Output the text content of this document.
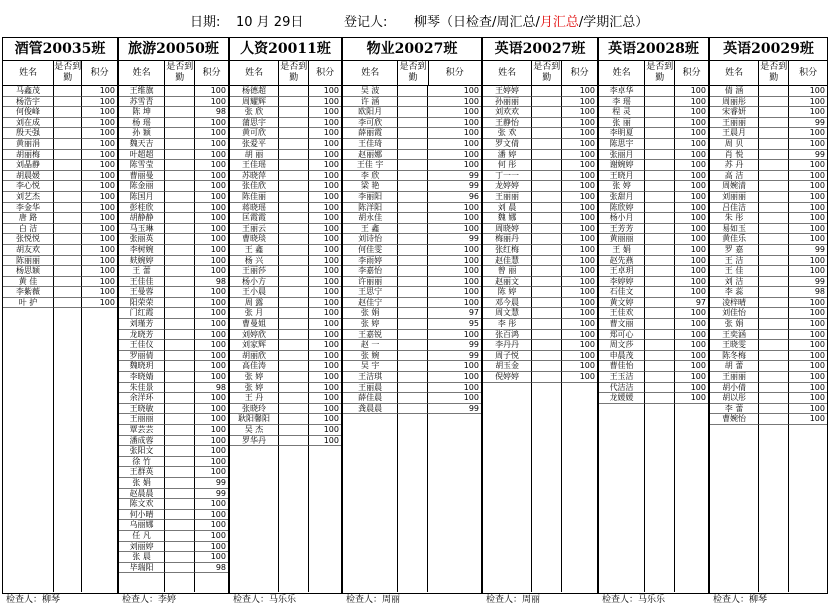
日期: 10 月 29日	登记人: 柳琴（日检查/周汇总/月汇总/学期汇总）
酒管20035班
姓名
是否到勤
积分
马鑫茂	100
杨浩宇	100
何俊峰	100
刘在成	100
殷天强	100
黄丽涓	100
胡丽梅	100
刘晶静	100
胡晨媛	100
李心悦	100
刘艺杰	100
李金华	100
唐 路	100
白 洁	100
张悦悦	100
胡友欢	100
陈丽丽	100
杨思颖	100
黄 佳	100
李紫薇	100
叶 护	100
检查人：柳琴
旅游20050班
姓名
是否到勤
积分
王维旗	100
苏雪青	100
陈 坤	98
杨 瑶	100
孙 颖	100
魏天吉	100
叶超超	100
陈雪莹	100
曹丽曼	100
陈金丽	100
陈国月	100
彭桂欣	100
胡静静	100
马玉琳	100
张丽英	100
李树婉	100
麸婉婷	100
王 蕾	100
王佳佳	98
王曼蓉	100
阳荣荣	100
门红霞	100
刘瑾芳	100
龙晓芳	100
王佳仪	100
罗丽倩	100
魏晓玥	100
李晓婧	100
朱佳景	98
余洋环	100
王晓敏	100
王丽丽	100
覃芸芸	100
潘成蓉	100
张阳文	100
徐 竹	100
王群英	100
张 娟	99
赵晨晨	99
陈文欢	100
何小晴	100
乌丽娜	100
任 凡	100
刘丽婷	100
张 晨	100
毕瑞阳	98
检查人：李婷
人资20011班
姓名
是否到勤
积分
杨德超	100
周耀辉	100
张 欣	100
蒲思宇	100
黄可欣	100
张爱平	100
胡 丽	100
王佳瑶	100
苏晓萍	100
张佳欣	100
陈佳丽	100
蒋晓瑶	100
匡霞霞	100
王丽云	100
曹晓琰	100
王 鑫	100
杨 兴	100
王丽莎	100
杨小方	100
王小晨	100
周 露	100
张 月	100
曹曼姐	100
刘婷欣	100
刘家辉	100
胡丽欣	100
高佳涛	100
张 婷	100
张 婷	100
王 丹	100
张晓玲	100
耿阳馨阳	100
吴 杰	100
罗华丹	100
检查人：马乐乐
物业20027班
姓名
是否到勤
积分
吴 波	100
许 涵	100
欧阳月	100
李可欣	100
薛丽霞	100
王佳琦	100
赵丽娜	100
王佳 宇	100
李 欣	99
梁 艳	99
李丽阳	96
陈洋阳	100
胡永佳	100
王 鑫	100
刘诗怡	99
何佳雯	100
李雨婷	100
李嘉怡	100
许丽丽	100
王思宁	100
赵佳宁	100
张 娟	97
张 婷	95
王嘉锐	100
赵 一	99
张 婉	99
吴 宇	100
王洁琪	100
王丽晨	100
薛佳晨	100
龚晨晨	99
检查人：周丽
英语20027班
姓名
是否到勤
积分
王婷婷	100
孙丽丽	100
刘欢欢	100
王静怡	100
张 欢	100
罗文倩	100
潘 婷	100
何 彤	100
丁一一	100
龙婷婷	100
王丽丽	100
刘 晨	100
魏 娜	100
周晓婷	100
梅丽丹	100
张红梅	100
赵佳慧	100
曾 丽	100
赵丽文	100
陈 婷	100
邓今晨	100
周文慧	100
李 彤	100
张百鸿	100
李丹丹	100
周子悦	100
胡玉金	100
倪婷婷	100
检查人：周丽
英语20028班
姓名
是否到勤
积分
李卓华	100
李 瑶	100
程 灵	100
张 丽	100
李明夏	100
陈思宇	100
张丽月	100
谢婉婷	100
王晓月	100
张 婷	100
张甜月	100
陈欣婷	100
杨小月	100
王芳芳	100
黄丽丽	100
王 娟	100
赵先燕	100
王卓玥	100
李婷婷	100
石佳文	100
黄文婷	97
王佳欢	100
曹文丽	100
郑可心	100
周文莎	100
申晨茂	100
曹佳怡	100
王玉洁	100
代洁洁	100
龙媛媛	100
检查人：马乐乐
英语20029班
姓名
是否到勤
积分
倩 涵	100
周丽彤	100
宋睿妍	100
王丽丽	99
王晨月	100
周 贝	100
肖 悦	99
苏 丹	100
高 洁	100
周婉清	100
刘丽丽	100
吕佳洁	100
朱 彤	100
易如玉	100
黄佳乐	100
罗 嘉	99
王 洁	100
王 佳	100
刘 洁	99
李 蕊	98
凌梓晴	100
刘佳怡	100
张 娟	100
王奕涵	100
王晓雯	100
陈冬梅	100
胡 蕾	100
王丽丽	100
胡小倩	100
胡以彤	100
李 蕾	100
曹婉怡	100
检查人：柳琴
